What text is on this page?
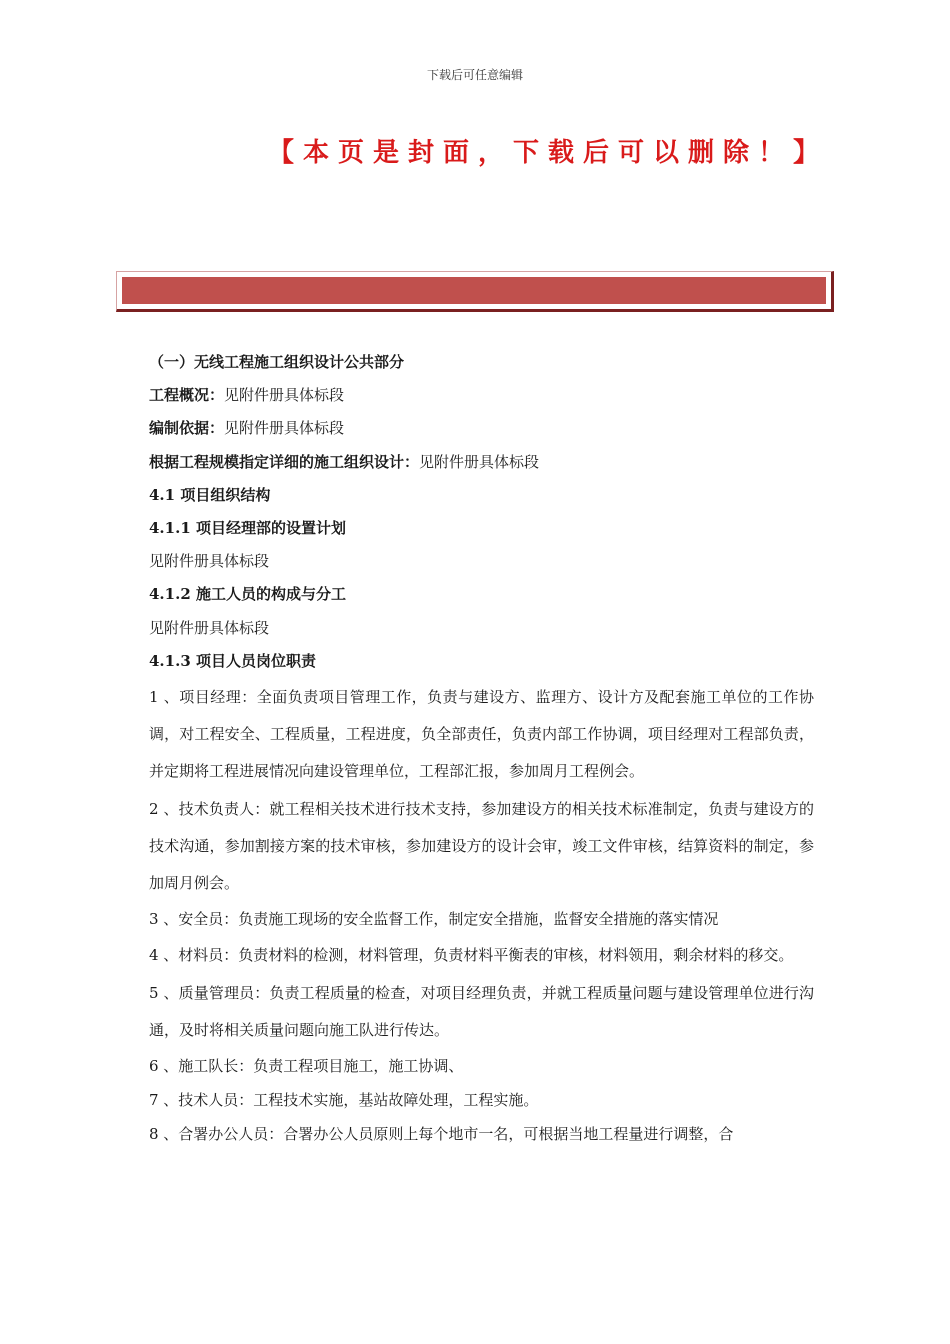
下载后可任意编辑
【本页是封面，下载后可以删除！】
（一）无线工程施工组织设计公共部分
工程概况：见附件册具体标段
编制依据：见附件册具体标段
根据工程规模指定详细的施工组织设计：见附件册具体标段
4.1 项目组织结构
4.1.1 项目经理部的设置计划
见附件册具体标段
4.1.2 施工人员的构成与分工
见附件册具体标段
4.1.3 项目人员岗位职责

1 、项目经理：全面负责项目管理工作，负责与建设方、监理方、设计方及配套施工单位的工作协调，对工程安全、工程质量，工程进度，负全部责任，负责内部工作协调，项目经理对工程部负责，并定期将工程进展情况向建设管理单位，工程部汇报，参加周月工程例会。

2 、技术负责人：就工程相关技术进行技术支持，参加建设方的相关技术标准制定，负责与建设方的技术沟通，参加割接方案的技术审核，参加建设方的设计会审，竣工文件审核，结算资料的制定，参加周月例会。

3 、安全员：负责施工现场的安全监督工作，制定安全措施，监督安全措施的落实情况

4 、材料员：负责材料的检测，材料管理，负责材料平衡表的审核，材料领用，剩余材料的移交。

5 、质量管理员：负责工程质量的检查，对项目经理负责，并就工程质量问题与建设管理单位进行沟通，及时将相关质量问题向施工队进行传达。

6 、施工队长：负责工程项目施工，施工协调、

7 、技术人员：工程技术实施，基站故障处理，工程实施。

8 、合署办公人员：合署办公人员原则上每个地市一名，可根据当地工程量进行调整，合
